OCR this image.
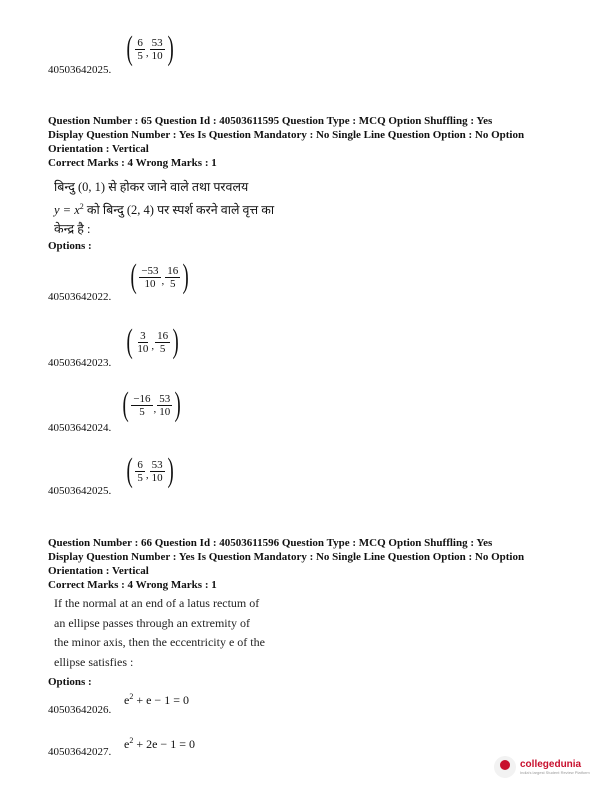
( $\frac{6}{5}$ , $\frac{53}{10}$ )
40503642025.
Question Number : 65 Question Id : 40503611595 Question Type : MCQ Option Shuffling : Yes
Display Question Number : Yes Is Question Mandatory : No Single Line Question Option : No Option
Orientation : Vertical
Correct Marks : 4 Wrong Marks : 1
बिन्दु (0, 1) से होकर जाने वाले तथा परवलय
$y = x^2$ को बिन्दु (2, 4) पर स्पर्श करने वाले वृत्त का
केन्द्र है :
Options :
( $\frac{-53}{10}$ , $\frac{16}{5}$ )
40503642022.
( $\frac{3}{10}$ , $\frac{16}{5}$ )
40503642023.
( $\frac{-16}{5}$ , $\frac{53}{10}$ )
40503642024.
( $\frac{6}{5}$ , $\frac{53}{10}$ )
40503642025.
Question Number : 66 Question Id : 40503611596 Question Type : MCQ Option Shuffling : Yes
Display Question Number : Yes Is Question Mandatory : No Single Line Question Option : No Option
Orientation : Vertical
Correct Marks : 4 Wrong Marks : 1
If the normal at an end of a latus rectum of
an ellipse passes through an extremity of
the minor axis, then the eccentricity e of the
ellipse satisfies :
Options :
$e^2 + e - 1 = 0$
40503642026.
$e^2 + 2e - 1 = 0$
40503642027.
collegedunia
India's largest Student Review Platform
